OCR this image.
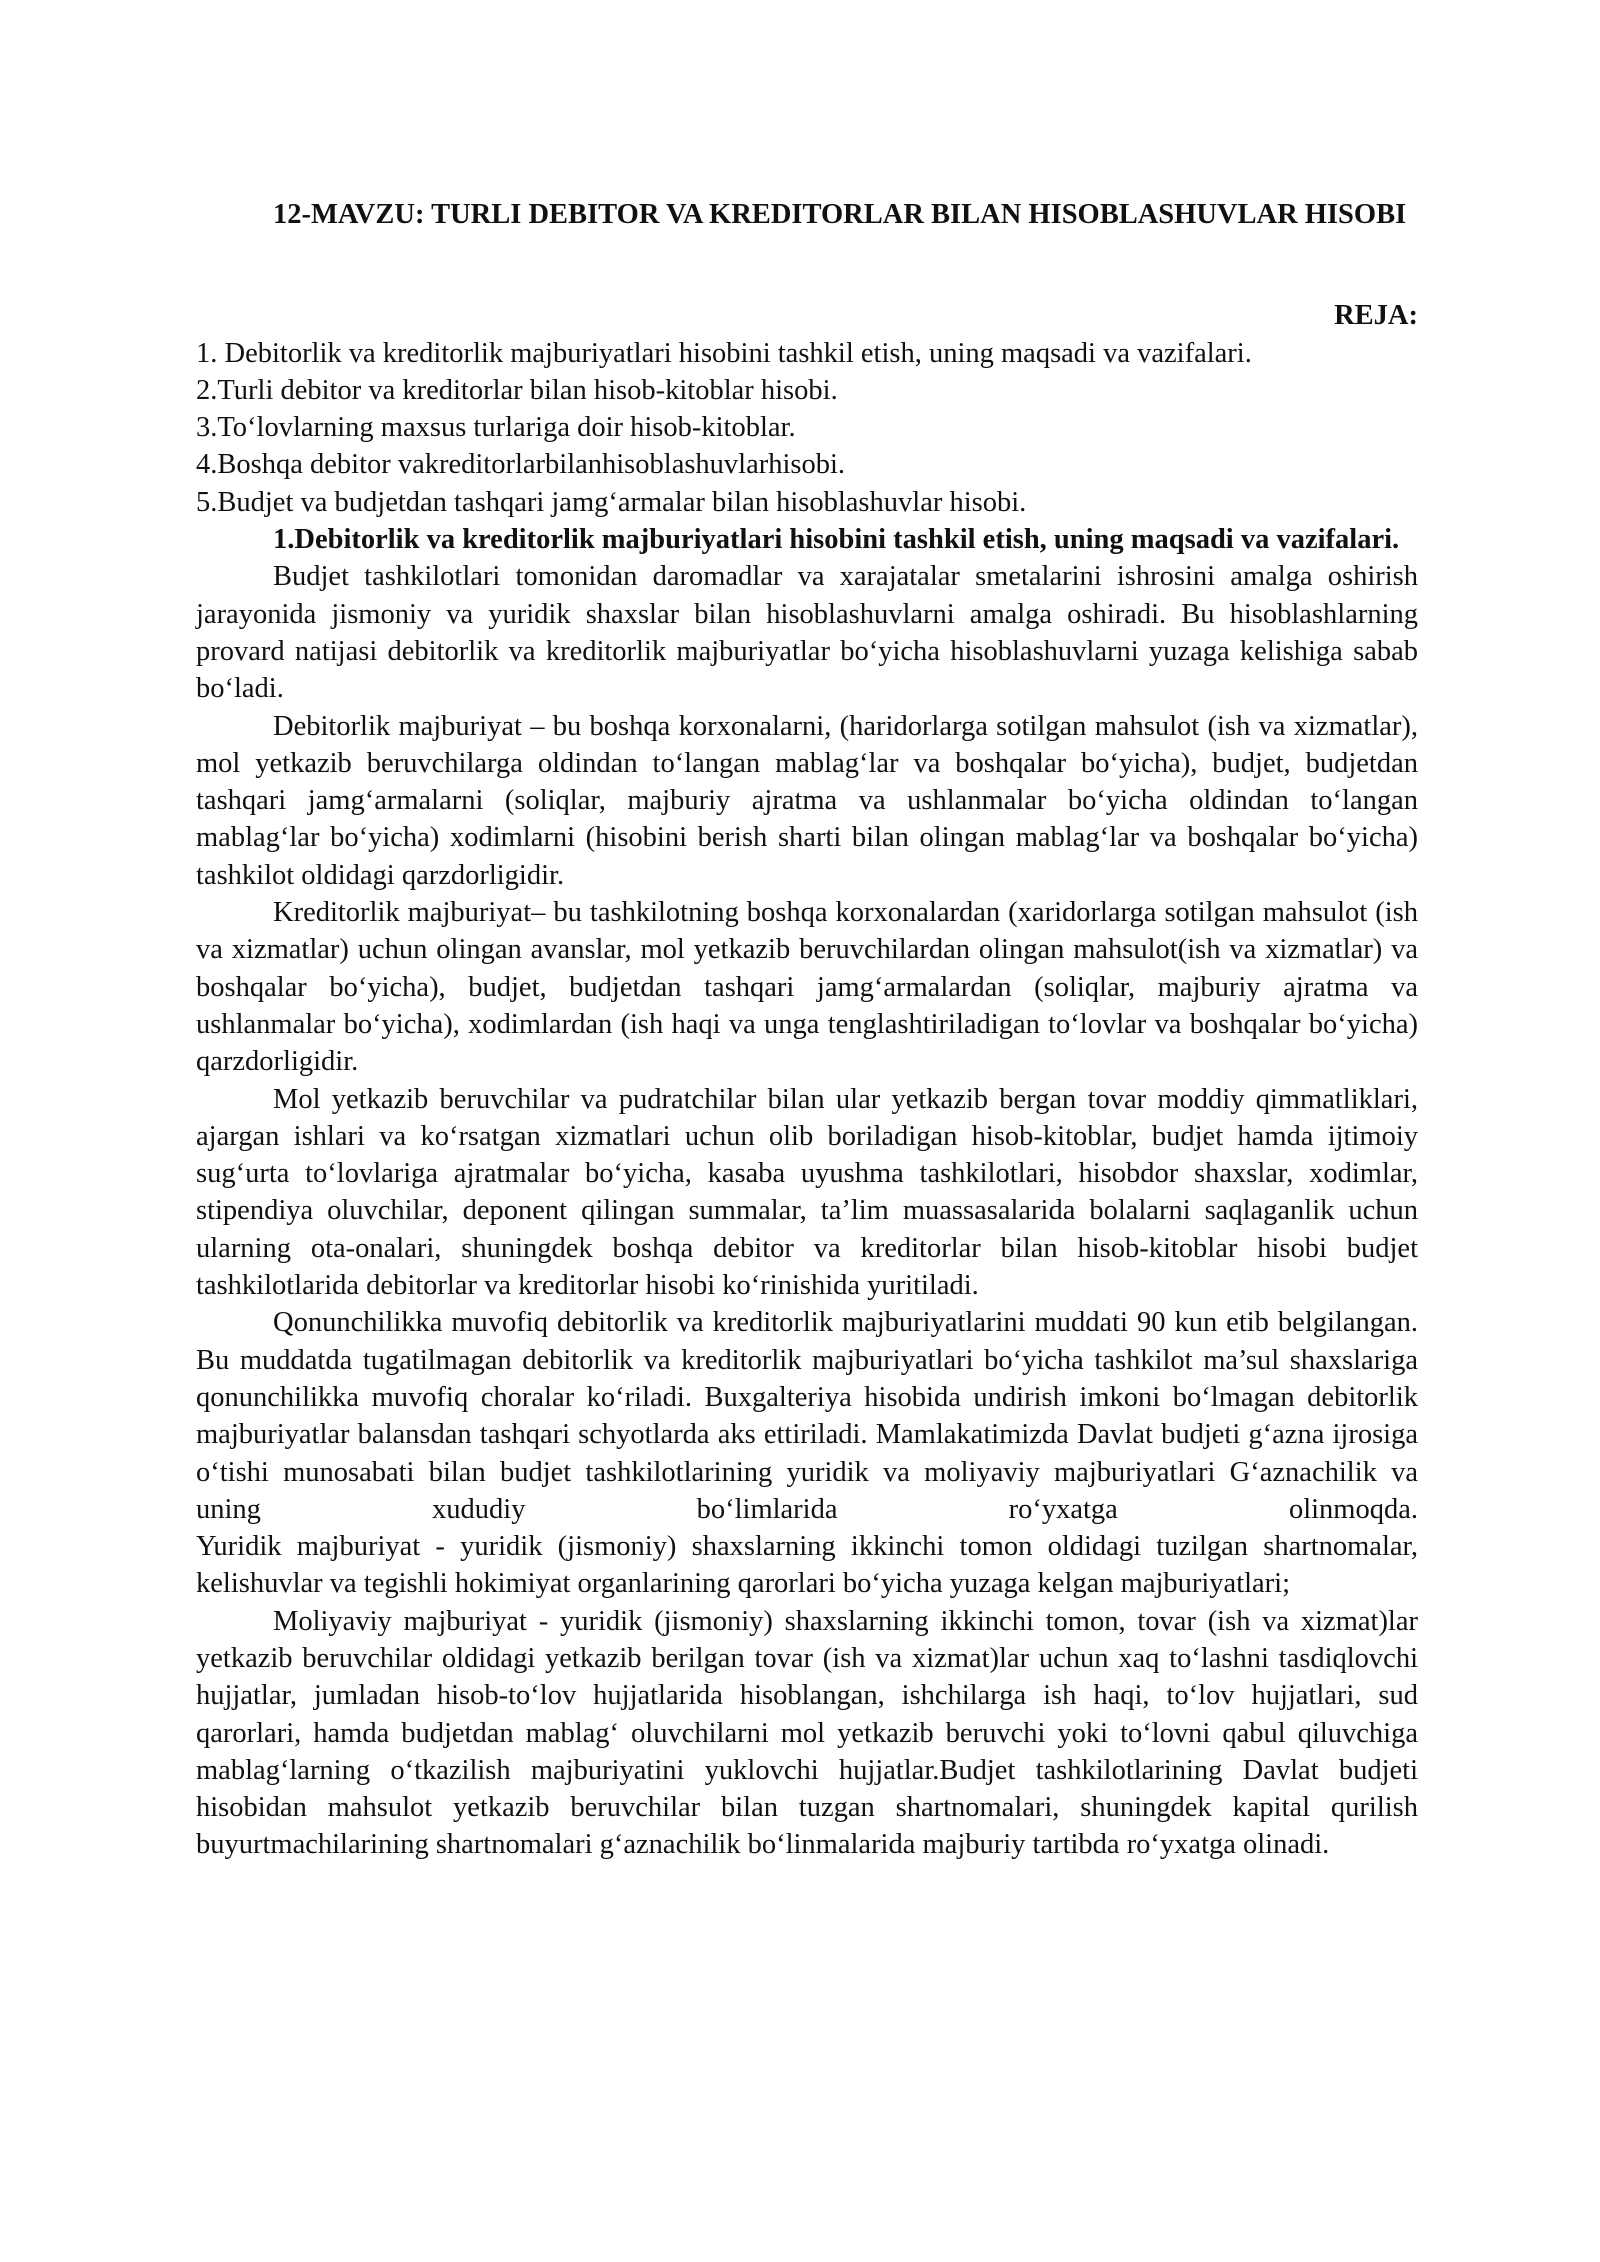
12-MAVZU: TURLI DEBITOR VA KREDITORLAR BILAN HISOBLASHUVLAR HISOBI

REJA:

1. Debitorlik va kreditorlik majburiyatlari hisobini tashkil etish, uning maqsadi va vazifalari.
2.Turli debitor va kreditorlar bilan hisob-kitoblar hisobi.
3.To‘lovlarning maxsus turlariga doir hisob-kitoblar.
4.Boshqa debitor vakreditorlarbilanhisoblashuvlarhisobi.
5.Budjet va budjetdan tashqari jamg‘armalar bilan hisoblashuvlar hisobi.

1.Debitorlik va kreditorlik majburiyatlari hisobini tashkil etish, uning maqsadi va vazifalari.

Budjet tashkilotlari tomonidan daromadlar va xarajatalar smetalarini ishrosini amalga oshirish jarayonida jismoniy va yuridik shaxslar bilan hisoblashuvlarni amalga oshiradi. Bu hisoblashlarning provard natijasi debitorlik va kreditorlik majburiyatlar bo‘yicha hisoblashuvlarni yuzaga kelishiga sabab bo‘ladi.

Debitorlik majburiyat – bu boshqa korxonalarni, (haridorlarga sotilgan mahsulot (ish va xizmatlar), mol yetkazib beruvchilarga oldindan to‘langan mablag‘lar va boshqalar bo‘yicha), budjet, budjetdan tashqari jamg‘armalarni (soliqlar, majburiy ajratma va ushlanmalar bo‘yicha oldindan to‘langan mablag‘lar bo‘yicha) xodimlarni (hisobini berish sharti bilan olingan mablag‘lar va boshqalar bo‘yicha) tashkilot oldidagi qarzdorligidir.

Kreditorlik majburiyat– bu tashkilotning boshqa korxonalardan (xaridorlarga sotilgan mahsulot (ish va xizmatlar) uchun olingan avanslar, mol yetkazib beruvchilardan olingan mahsulot(ish va xizmatlar) va boshqalar bo‘yicha), budjet, budjetdan tashqari jamg‘armalardan (soliqlar, majburiy ajratma va ushlanmalar bo‘yicha), xodimlardan (ish haqi va unga tenglashtiriladigan to‘lovlar va boshqalar bo‘yicha) qarzdorligidir.

Mol yetkazib beruvchilar va pudratchilar bilan ular yetkazib bergan tovar moddiy qimmatliklari, ajargan ishlari va ko‘rsatgan xizmatlari uchun olib boriladigan hisob-kitoblar, budjet hamda ijtimoiy sug‘urta to‘lovlariga ajratmalar bo‘yicha, kasaba uyushma tashkilotlari, hisobdor shaxslar, xodimlar, stipendiya oluvchilar, deponent qilingan summalar, ta’lim muassasalarida bolalarni saqlaganlik uchun ularning ota-onalari, shuningdek boshqa debitor va kreditorlar bilan hisob-kitoblar hisobi budjet tashkilotlarida debitorlar va kreditorlar hisobi ko‘rinishida yuritiladi.

Qonunchilikka muvofiq debitorlik va kreditorlik majburiyatlarini muddati 90 kun etib belgilangan. Bu muddatda tugatilmagan debitorlik va kreditorlik majburiyatlari bo‘yicha tashkilot ma’sul shaxslariga qonunchilikka muvofiq choralar ko‘riladi. Buxgalteriya hisobida undirish imkoni bo‘lmagan debitorlik majburiyatlar balansdan tashqari schyotlarda aks ettiriladi. Mamlakatimizda Davlat budjeti g‘azna ijrosiga o‘tishi munosabati bilan budjet tashkilotlarining yuridik va moliyaviy majburiyatlari G‘aznachilik va uning xududiy bo‘limlarida ro‘yxatga olinmoqda.

Yuridik majburiyat - yuridik (jismoniy) shaxslarning ikkinchi tomon oldidagi tuzilgan shartnomalar, kelishuvlar va tegishli hokimiyat organlarining qarorlari bo‘yicha yuzaga kelgan majburiyatlari;

Moliyaviy majburiyat - yuridik (jismoniy) shaxslarning ikkinchi tomon, tovar (ish va xizmat)lar yetkazib beruvchilar oldidagi yetkazib berilgan tovar (ish va xizmat)lar uchun xaq to‘lashni tasdiqlovchi hujjatlar, jumladan hisob-to‘lov hujjatlarida hisoblangan, ishchilarga ish haqi, to‘lov hujjatlari, sud qarorlari, hamda budjetdan mablag‘ oluvchilarni mol yetkazib beruvchi yoki to‘lovni qabul qiluvchiga mablag‘larning o‘tkazilish majburiyatini yuklovchi hujjatlar.Budjet tashkilotlarining Davlat budjeti hisobidan mahsulot yetkazib beruvchilar bilan tuzgan shartnomalari, shuningdek kapital qurilish buyurtmachilarining shartnomalari g‘aznachilik bo‘linmalarida majburiy tartibda ro‘yxatga olinadi.
